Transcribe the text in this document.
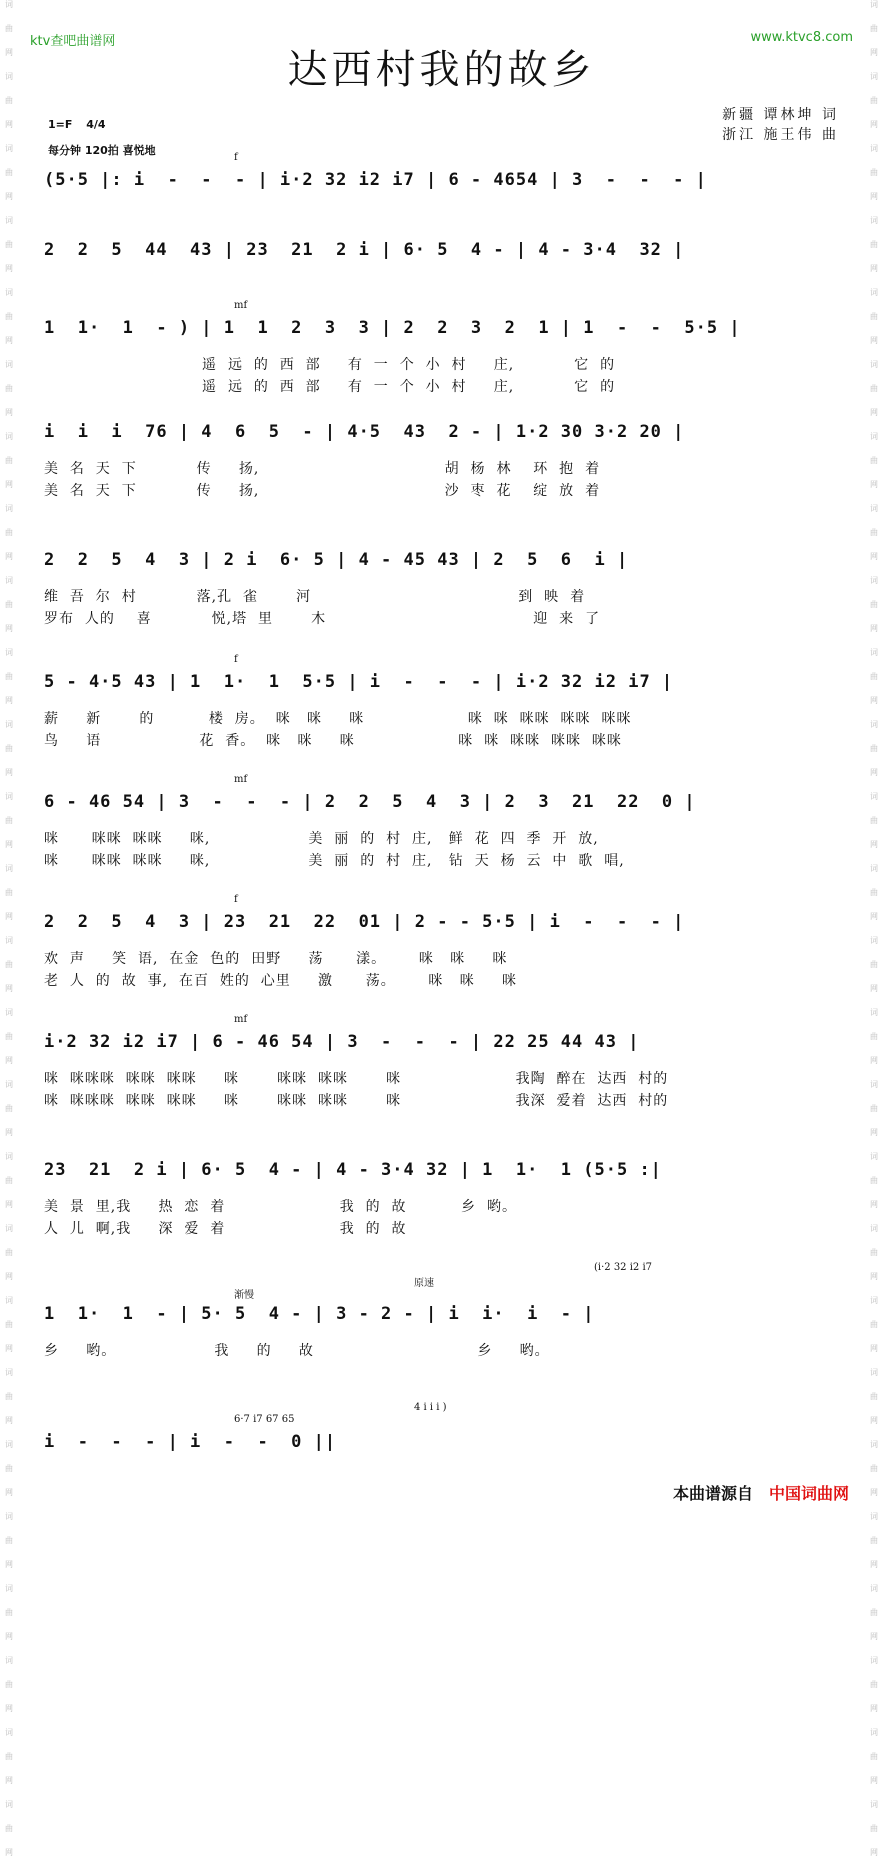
词
曲
网
词
曲
网
词
曲
网
词
曲
网
词
曲
网
词
曲
网
词
曲
网
词
曲
网
词
曲
网
词
曲
网
词
曲
网
词
曲
网
词
曲
网
词
曲
网
词
曲
网
词
曲
网
词
曲
网
词
曲
网
词
曲
网
词
曲
网
词
曲
网
词
曲
网
词
曲
网
词
曲
网
词
曲
网
词
曲
网
词
曲
网
词
曲
网
词
曲
网
词
曲
网
词
曲
网
词
曲
网
词
曲
网
词
曲
网
词
曲
网
词
曲
网
词
曲
网
词
曲
网
词
曲
网
词
曲
网
词
曲
网
词
曲
网
词
曲
网
词
曲
网
词
曲
网
词
曲
网
词
曲
网
词
曲
网
词
曲
网
词
曲
网
词
曲
网
词
曲
网
ktv查吧曲谱网	www.ktvc8.com
达西村我的故乡
新疆 谭林坤 词
浙江 施王伟 曲
1=F 4/4
每分钟 120拍 喜悦地
(5·5 |: i  -  -  - | i·2 32 i2 i7 | 6 - 4654 | 3  -  -  - |
f
2  2  5  44  43 | 23  21  2 i | 6· 5  4 - | 4 - 3·4  32 |
1  1·  1  - ) | 1  1  2  3  3 | 2  2  3  2  1 | 1  -  -  5·5 |
mf
遥  远  的  西  部     有  一  个  小  村     庄,           它  的
遥  远  的  西  部     有  一  个  小  村     庄,           它  的
i  i  i  76 | 4  6  5  - | 4·5  43  2 - | 1·2 30 3·2 20 |
美  名  天  下           传     扬,                                  胡  杨  林    环  抱  着
美  名  天  下           传     扬,                                  沙  枣  花    绽  放  着
2  2  5  4  3 | 2 i  6· 5 | 4 - 45 43 | 2  5  6  i |
维  吾  尔  村           落,孔  雀       河                                      到  映  着
罗布  人的    喜           悦,塔  里       木                                      迎  来  了
5 - 4·5 43 | 1  1·  1  5·5 | i  -  -  - | i·2 32 i2 i7 |
f
薪     新       的          楼  房。  咪   咪     咪                   咪  咪  咪咪  咪咪  咪咪
鸟     语                  花  香。  咪   咪     咪                   咪  咪  咪咪  咪咪  咪咪
6 - 46 54 | 3  -  -  - | 2  2  5  4  3 | 2  3  21  22  0 |
mf
咪      咪咪  咪咪     咪,                  美  丽  的  村  庄,   鲜  花  四  季  开  放,
咪      咪咪  咪咪     咪,                  美  丽  的  村  庄,   钻  天  杨  云  中  歌  唱,
2  2  5  4  3 | 23  21  22  01 | 2 - - 5·5 | i  -  -  - |
f
欢  声     笑  语,  在金  色的  田野     荡      漾。      咪   咪     咪
老  人  的  故  事,  在百  姓的  心里     激      荡。      咪   咪     咪
i·2 32 i2 i7 | 6 - 46 54 | 3  -  -  - | 22 25 44 43 |
mf
咪  咪咪咪  咪咪  咪咪     咪       咪咪  咪咪       咪                     我陶  醉在  达西  村的
咪  咪咪咪  咪咪  咪咪     咪       咪咪  咪咪       咪                     我深  爱着  达西  村的
23  21  2 i | 6· 5  4 - | 4 - 3·4 32 | 1  1·  1 (5·5 :|
美  景  里,我     热  恋  着                     我  的  故          乡  哟。
人  儿  啊,我     深  爱  着                     我  的  故
1  1·  1  - | 5· 5  4 - | 3 - 2 - | i  i·  i  - |
渐慢
原速
(i·2 32 i2 i7
乡     哟。                  我     的     故                              乡     哟。
i  -  -  - | i  -  -  0 ||
6·7 i7 67 65
4 i i i )
本曲谱源自 中国词曲网
